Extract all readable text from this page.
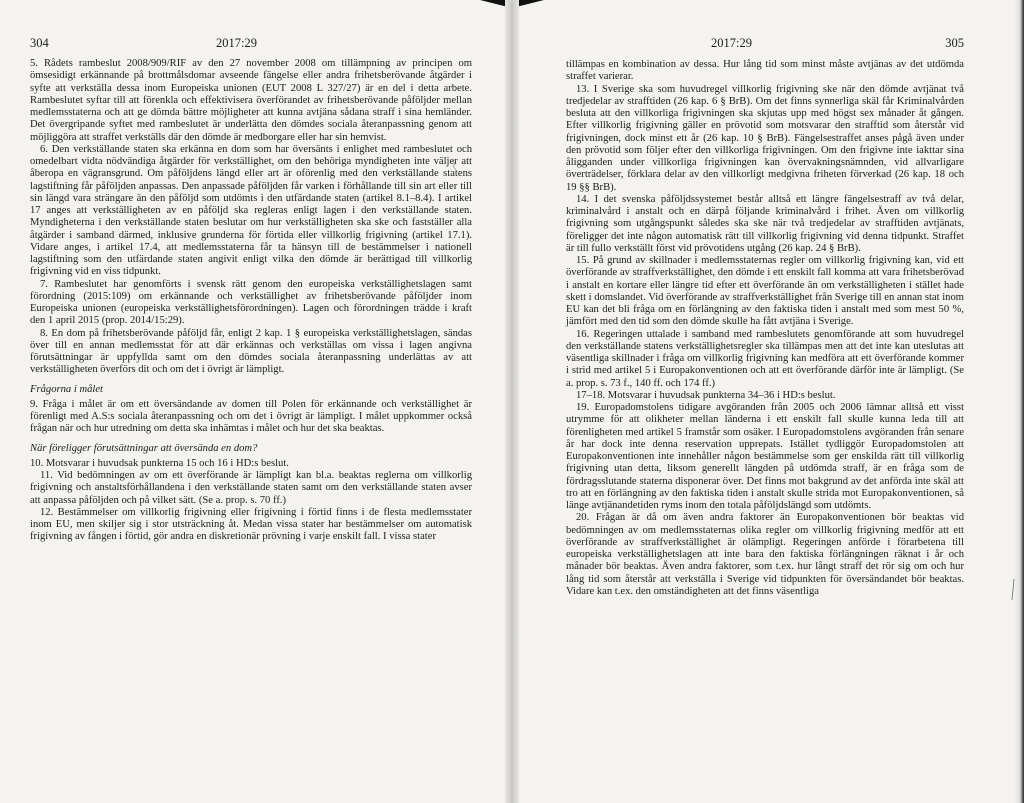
304	2017:29

5. Rådets rambeslut 2008/909/RIF av den 27 november 2008 om tillämpning av principen om ömsesidigt erkännande på brottmålsdomar avseende fängelse eller andra frihetsberövande åtgärder i syfte att verkställa dessa inom Europeiska unionen (EUT 2008 L 327/27) är en del i detta arbete. Rambeslutet syftar till att förenkla och effektivisera överförandet av frihetsberövande påföljder mellan medlemsstaterna och att ge dömda bättre möjligheter att kunna avtjäna sådana straff i sina hemländer. Det övergripande syftet med rambeslutet är underlätta den dömdes sociala återanpassning genom att möjliggöra att straffet verkställs där den dömde är medborgare eller har sin hemvist.

6. Den verkställande staten ska erkänna en dom som har översänts i enlighet med rambeslutet och omedelbart vidta nödvändiga åtgärder för verkställighet, om den behöriga myndigheten inte väljer att åberopa en vägransgrund. Om påföljdens längd eller art är oförenlig med den verkställande statens lagstiftning får påföljden anpassas. Den anpassade påföljden får varken i förhållande till sin art eller till sin längd vara strängare än den påföljd som utdömts i den utfärdande staten (artikel 8.1–8.4). I artikel 17 anges att verkställigheten av en påföljd ska regleras enligt lagen i den verkställande staten. Myndigheterna i den verkställande staten beslutar om hur verkställigheten ska ske och fastställer alla åtgärder i samband därmed, inklusive grunderna för förtida eller villkorlig frigivning (artikel 17.1). Vidare anges, i artikel 17.4, att medlemsstaterna får ta hänsyn till de bestämmelser i nationell lagstiftning som den utfärdande staten angivit enligt vilka den dömde är berättigad till villkorlig frigivning vid en viss tidpunkt.

7. Rambeslutet har genomförts i svensk rätt genom den europeiska verkställighetslagen samt förordning (2015:109) om erkännande och verkställighet av frihetsberövande påföljder inom Europeiska unionen (europeiska verkställighetsförordningen). Lagen och förordningen trädde i kraft den 1 april 2015 (prop. 2014/15:29).

8. En dom på frihetsberövande påföljd får, enligt 2 kap. 1 § europeiska verkställighetslagen, sändas över till en annan medlemsstat för att där erkännas och verkställas om vissa i lagen angivna förutsättningar är uppfyllda samt om den dömdes sociala återanpassning underlättas av att verkställigheten överförs dit och om det i övrigt är lämpligt.

Frågorna i målet

9. Fråga i målet är om ett översändande av domen till Polen för erkännande och verkställighet är förenligt med A.S:s sociala återanpassning och om det i övrigt är lämpligt. I målet uppkommer också frågan när och hur utredning om detta ska inhämtas i målet och hur det ska beaktas.

När föreligger förutsättningar att översända en dom?

10. Motsvarar i huvudsak punkterna 15 och 16 i HD:s beslut.

11. Vid bedömningen av om ett överförande är lämpligt kan bl.a. beaktas reglerna om villkorlig frigivning och anstaltsförhållandena i den verkställande staten samt om den verkställande staten avser att anpassa påföljden och på vilket sätt. (Se a. prop. s. 70 ff.)

12. Bestämmelser om villkorlig frigivning eller frigivning i förtid finns i de flesta medlemsstater inom EU, men skiljer sig i stor utsträckning åt. Medan vissa stater har bestämmelser om automatisk frigivning av fången i förtid, gör andra en diskretionär prövning i varje enskilt fall. I vissa stater

2017:29	305

tillämpas en kombination av dessa. Hur lång tid som minst måste avtjänas av det utdömda straffet varierar.

13. I Sverige ska som huvudregel villkorlig frigivning ske när den dömde avtjänat två tredjedelar av strafftiden (26 kap. 6 § BrB). Om det finns synnerliga skäl får Kriminalvården besluta att den villkorliga frigivningen ska skjutas upp med högst sex månader åt gången. Efter villkorlig frigivning gäller en prövotid som motsvarar den strafftid som återstår vid frigivningen, dock minst ett år (26 kap. 10 § BrB). Fängelsestraffet anses pågå även under den prövotid som följer efter den villkorliga frigivningen. Om den frigivne inte iakttar sina åligganden under villkorliga frigivningen kan övervakningsnämnden, vid allvarligare överträdelser, förklara delar av den villkorligt medgivna friheten förverkad (26 kap. 18 och 19 §§ BrB).

14. I det svenska påföljdssystemet består alltså ett längre fängelsestraff av två delar, kriminalvård i anstalt och en därpå följande kriminalvård i frihet. Även om villkorlig frigivning som utgångspunkt således ska ske när två tredjedelar av strafftiden avtjänats, föreligger det inte någon automatisk rätt till villkorlig frigivning vid denna tidpunkt. Straffet är till fullo verkställt först vid prövotidens utgång (26 kap. 24 § BrB).

15. På grund av skillnader i medlemsstaternas regler om villkorlig frigivning kan, vid ett överförande av straffverkställighet, den dömde i ett enskilt fall komma att vara frihetsberövad i anstalt en kortare eller längre tid efter ett överförande än om verkställigheten i stället hade skett i domslandet. Vid överförande av straffverkställighet från Sverige till en annan stat inom EU kan det bli fråga om en förlängning av den faktiska tiden i anstalt med som mest 50 %, jämfört med den tid som den dömde skulle ha fått avtjäna i Sverige.

16. Regeringen uttalade i samband med rambeslutets genomförande att som huvudregel den verkställande statens verkställighetsregler ska tillämpas men att det inte kan uteslutas att väsentliga skillnader i fråga om villkorlig frigivning kan medföra att ett överförande kommer i strid med artikel 5 i Europakonventionen och att ett överförande därför inte är lämpligt. (Se a. prop. s. 73 f., 140 ff. och 174 ff.)

17–18. Motsvarar i huvudsak punkterna 34–36 i HD:s beslut.

19. Europadomstolens tidigare avgöranden från 2005 och 2006 lämnar alltså ett visst utrymme för att olikheter mellan länderna i ett enskilt fall skulle kunna leda till att förenligheten med artikel 5 framstår som osäker. I Europadomstolens avgöranden från senare år har dock inte denna reservation upprepats. Istället tydliggör Europadomstolen att Europakonventionen inte innehåller någon bestämmelse som ger enskilda rätt till villkorlig frigivning utan detta, liksom generellt längden på utdömda straff, är en fråga som de fördragsslutande staterna disponerar över. Det finns mot bakgrund av det anförda inte skäl att tro att en förlängning av den faktiska tiden i anstalt skulle strida mot Europakonventionen, så länge avtjänandetiden ryms inom den totala påföljdslängd som utdömts.

20. Frågan är då om även andra faktorer än Europakonventionen bör beaktas vid bedömningen av om medlemsstaternas olika regler om villkorlig frigivning medför att ett överförande av straffverkställighet är olämpligt. Regeringen anförde i förarbetena till europeiska verkställighetslagen att inte bara den faktiska förlängningen räknat i år och månader bör beaktas. Även andra faktorer, som t.ex. hur långt straff det rör sig om och hur lång tid som återstår att verkställa i Sverige vid tidpunkten för översändandet bör beaktas. Vidare kan t.ex. den omständigheten att det finns väsentliga
